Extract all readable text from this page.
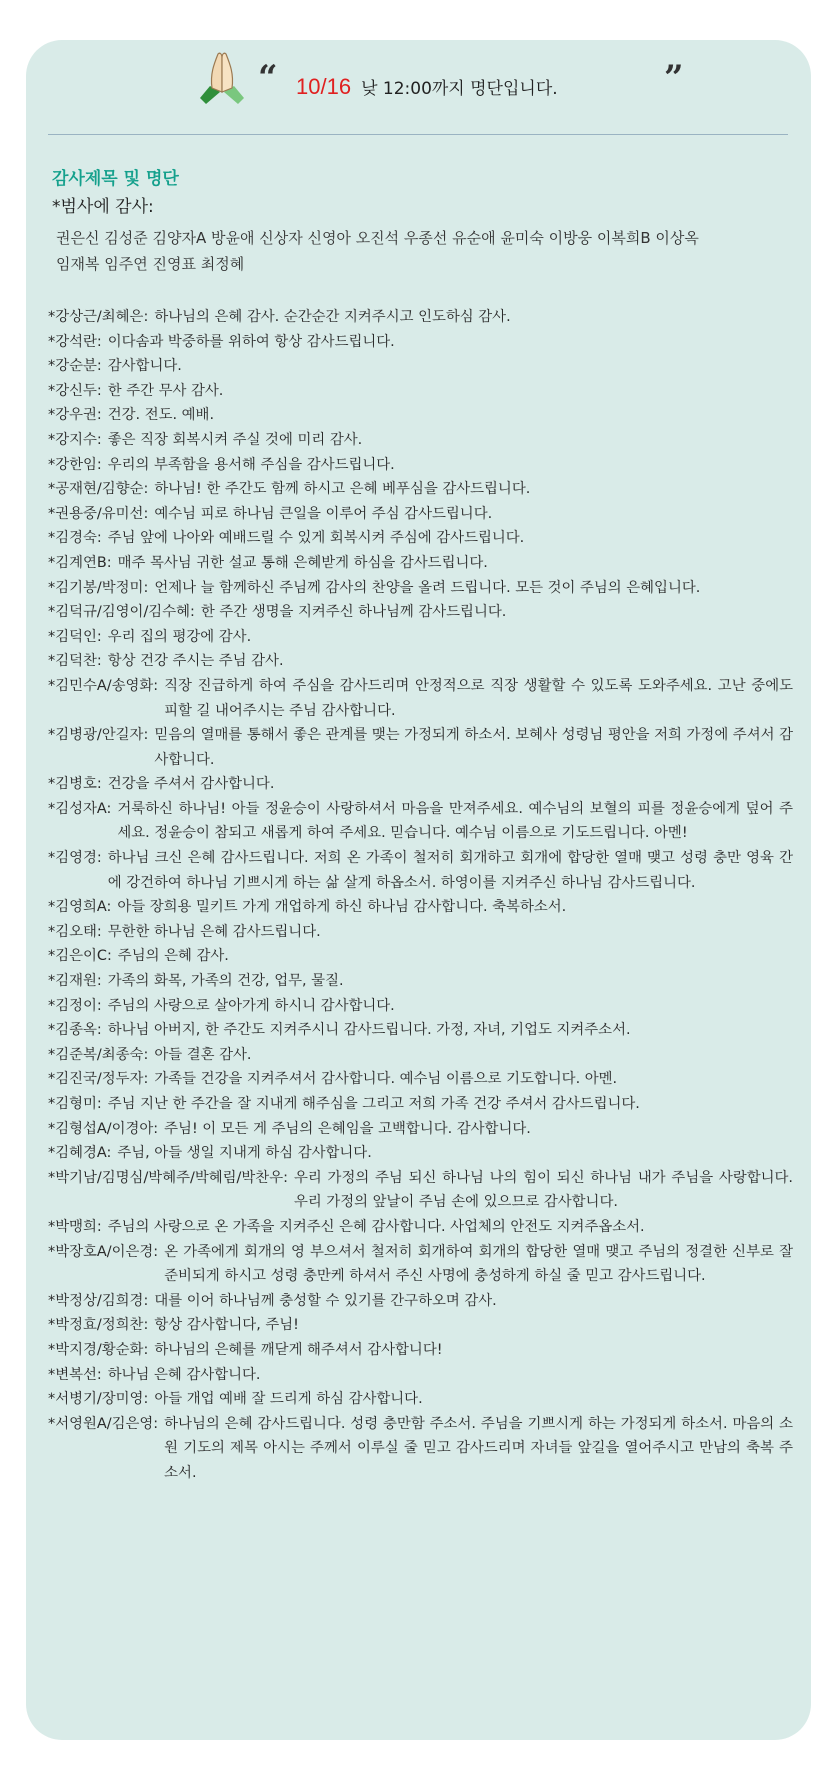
“ 10/16 낮 12:00까지 명단입니다.	”
감사제목 및 명단
*범사에 감사:
권은신 김성준 김양자A 방윤애 신상자 신영아 오진석 우종선 유순애 윤미숙 이방웅 이복희B 이상옥
임재복 임주연 진영표 최정혜
*강상근/최혜은: 하나님의 은혜 감사. 순간순간 지켜주시고 인도하심 감사.
*강석란: 이다솜과 박중하를 위하여 항상 감사드립니다.
*강순분: 감사합니다.
*강신두: 한 주간 무사 감사.
*강우권: 건강. 전도. 예배.
*강지수: 좋은 직장 회복시켜 주실 것에 미리 감사.
*강한임: 우리의 부족함을 용서해 주심을 감사드립니다.
*공재현/김향순: 하나님! 한 주간도 함께 하시고 은혜 베푸심을 감사드립니다.
*권용중/유미선: 예수님 피로 하나님 큰일을 이루어 주심 감사드립니다.
*김경숙: 주님 앞에 나아와 예배드릴 수 있게 회복시켜 주심에 감사드립니다.
*김계연B: 매주 목사님 귀한 설교 통해 은혜받게 하심을 감사드립니다.
*김기봉/박정미: 언제나 늘 함께하신 주님께 감사의 찬양을 올려 드립니다. 모든 것이 주님의 은혜입니다.
*김덕규/김영이/김수혜: 한 주간 생명을 지켜주신 하나님께 감사드립니다.
*김덕인: 우리 집의 평강에 감사.
*김덕찬: 항상 건강 주시는 주님 감사.
*김민수A/송영화: 직장 진급하게 하여 주심을 감사드리며 안정적으로 직장 생활할 수 있도록 도와주세요. 고난 중에도 피할 길 내어주시는 주님 감사합니다.
*김병광/안길자: 믿음의 열매를 통해서 좋은 관계를 맺는 가정되게 하소서. 보혜사 성령님 평안을 저희 가정에 주셔서 감사합니다.
*김병호: 건강을 주셔서 감사합니다.
*김성자A: 거룩하신 하나님! 아들 정윤승이 사랑하셔서 마음을 만져주세요. 예수님의 보혈의 피를 정윤승에게 덮어 주세요. 정윤승이 참되고 새롭게 하여 주세요. 믿습니다. 예수님 이름으로 기도드립니다. 아멘!
*김영경: 하나님 크신 은혜 감사드립니다. 저희 온 가족이 철저히 회개하고 회개에 합당한 열매 맺고 성령 충만 영육 간에 강건하여 하나님 기쁘시게 하는 삶 살게 하옵소서. 하영이를 지켜주신 하나님 감사드립니다.
*김영희A: 아들 장희용 밀키트 가게 개업하게 하신 하나님 감사합니다. 축복하소서.
*김오태: 무한한 하나님 은혜 감사드립니다.
*김은이C: 주님의 은혜 감사.
*김재원: 가족의 화목, 가족의 건강, 업무, 물질.
*김정이: 주님의 사랑으로 살아가게 하시니 감사합니다.
*김종옥: 하나님 아버지, 한 주간도 지켜주시니 감사드립니다. 가정, 자녀, 기업도 지켜주소서.
*김준복/최종숙: 아들 결혼 감사.
*김진국/정두자: 가족들 건강을 지켜주셔서 감사합니다. 예수님 이름으로 기도합니다. 아멘.
*김형미: 주님 지난 한 주간을 잘 지내게 해주심을 그리고 저희 가족 건강 주셔서 감사드립니다.
*김형섭A/이경아: 주님! 이 모든 게 주님의 은혜임을 고백합니다. 감사합니다.
*김혜경A: 주님, 아들 생일 지내게 하심 감사합니다.
*박기남/김명심/박혜주/박혜림/박찬우: 우리 가정의 주님 되신 하나님 나의 힘이 되신 하나님 내가 주님을 사랑합니다. 우리 가정의 앞날이 주님 손에 있으므로 감사합니다.
*박맹희: 주님의 사랑으로 온 가족을 지켜주신 은혜 감사합니다. 사업체의 안전도 지켜주옵소서.
*박장호A/이은경: 온 가족에게 회개의 영 부으셔서 철저히 회개하여 회개의 합당한 열매 맺고 주님의 정결한 신부로 잘 준비되게 하시고 성령 충만케 하셔서 주신 사명에 충성하게 하실 줄 믿고 감사드립니다.
*박정상/김희경: 대를 이어 하나님께 충성할 수 있기를 간구하오며 감사.
*박정효/정희찬: 항상 감사합니다, 주님!
*박지경/황순화: 하나님의 은혜를 깨닫게 해주셔서 감사합니다!
*변복선: 하나님 은혜 감사합니다.
*서병기/장미영: 아들 개업 예배 잘 드리게 하심 감사합니다.
*서영원A/김은영: 하나님의 은혜 감사드립니다. 성령 충만함 주소서. 주님을 기쁘시게 하는 가정되게 하소서. 마음의 소원 기도의 제목 아시는 주께서 이루실 줄 믿고 감사드리며 자녀들 앞길을 열어주시고 만남의 축복 주소서.
